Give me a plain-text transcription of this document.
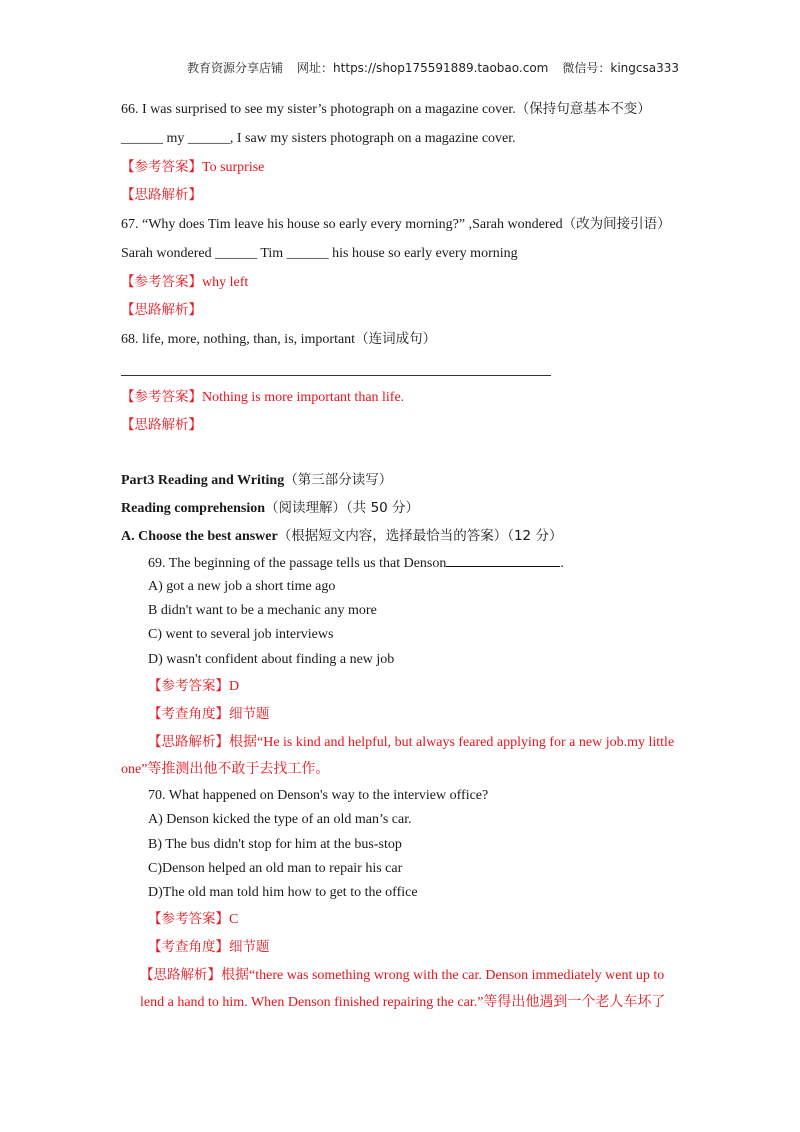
教育资源分享店铺 网址：https://shop175591889.taobao.com 微信号：kingcsa333
66. I was surprised to see my sister’s photograph on a magazine cover.（保持句意基本不变）
______ my ______, I saw my sisters photograph on a magazine cover.
【参考答案】To surprise
【思路解析】
67. “Why does Tim leave his house so early every morning?” ,Sarah wondered（改为间接引语）
Sarah wondered ______ Tim ______ his house so early every morning
【参考答案】why left
【思路解析】
68. life, more, nothing, than, is, important（连词成句）
【参考答案】Nothing is more important than life.
【思路解析】
Part3 Reading and Writing（第三部分读写）
Reading comprehension（阅读理解）（共 50 分）
A. Choose the best answer（根据短文内容，选择最恰当的答案）（12 分）
69. The beginning of the passage tells us that Denson	.
A) got a new job a short time ago
B didn't want to be a mechanic any more
C) went to several job interviews
D) wasn't confident about finding a new job
【参考答案】D
【考查角度】细节题
【思路解析】根据“He is kind and helpful, but always feared applying for a new job.my little
one”等推测出他不敢于去找工作。
70. What happened on Denson's way to the interview office?
A) Denson kicked the type of an old man’s car.
B) The bus didn't stop for him at the bus-stop
C)Denson helped an old man to repair his car
D)The old man told him how to get to the office
【参考答案】C
【考查角度】细节题
【思路解析】根据“there was something wrong with the car. Denson immediately went up to
lend a hand to him. When Denson finished repairing the car.”等得出他遇到一个老人车坏了
